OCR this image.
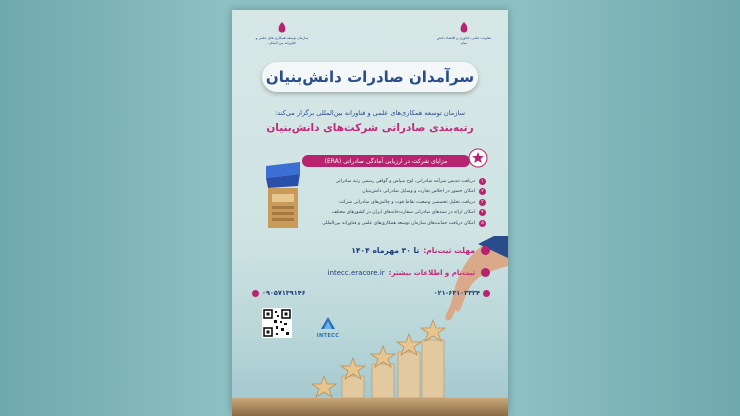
سازمان توسعه همکاری های علمی و فناورانه بین المللی
معاونت علمی، فناوری و اقتصاد دانش بنیان
سرآمدان صادرات دانش‌بنیان
سازمان توسعه همکاری‌های علمی و فناورانه بین‌المللی برگزار می‌کند:
رتبه‌بندی صادراتی شرکت‌های دانش‌بنیان
مزایای شرکت در ارزیابی آمادگی صادراتی (ERA)
۱
دریافت تندیس سرآمد صادراتی، لوح سپاس و گواهی رسمی رتبه صادراتی
۲
امکان حضور در اجلاس تجارت و وسایل صادراتی دانش‌بنیان
۳
دریافت تحلیل تخصصی وضعیت نقاط قوت و چالش‌های صادراتی شرکت
۴
امکان ارائه در سندهای صادراتی سفارت‌خانه‌های ایران در کشورهای مختلف
۵
امکان دریافت حمایت‌های سازمان توسعه همکاری‌های علمی و فناورانه بین‌المللی
مهلت ثبت‌نام:
تا ۳۰ مهرماه ۱۴۰۴
ثبت‌نام و اطلاعات بیشتر:
intecc.eracore.ir
۰۹۰۵۷۱۳۹۱۴۶	۰۲۱-۶۳۱۰۳۳۳۴
INTECC
